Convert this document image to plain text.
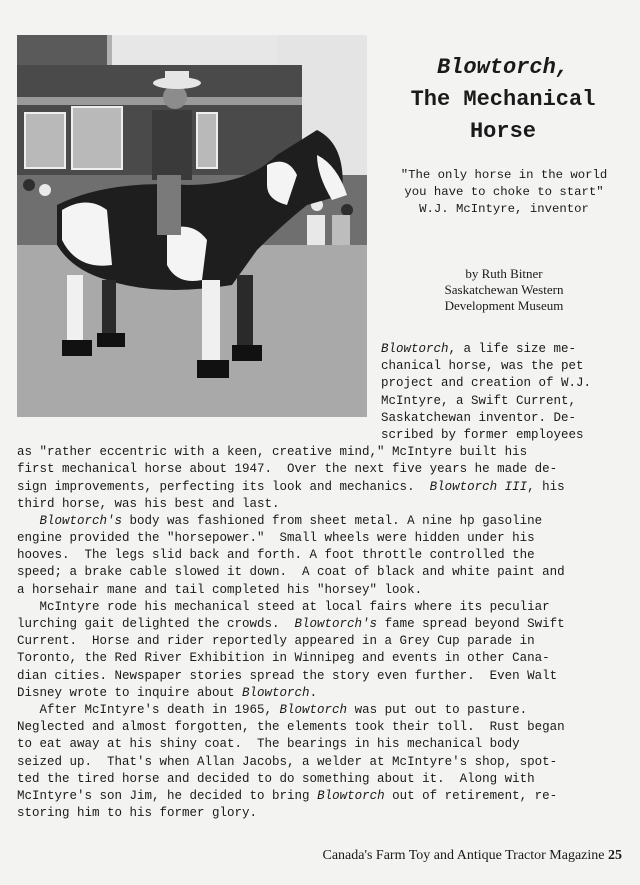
Blowtorch,
The Mechanical
Horse
"The only horse in the world
you have to choke to start"
W.J. McIntyre, inventor
by Ruth Bitner
Saskatchewan Western
Development Museum
Blowtorch, a life size me-
chanical horse, was the pet
project and creation of W.J.
McIntyre, a Swift Current,
Saskatchewan inventor. De-
scribed by former employees
as "rather eccentric with a keen, creative mind," McIntyre built his
first mechanical horse about 1947.  Over the next five years he made de-
sign improvements, perfecting its look and mechanics.  Blowtorch III, his
third horse, was his best and last.
Blowtorch's body was fashioned from sheet metal. A nine hp gasoline
engine provided the "horsepower."  Small wheels were hidden under his
hooves.  The legs slid back and forth. A foot throttle controlled the
speed; a brake cable slowed it down.  A coat of black and white paint and
a horsehair mane and tail completed his "horsey" look.
McIntyre rode his mechanical steed at local fairs where its peculiar
lurching gait delighted the crowds.  Blowtorch's fame spread beyond Swift
Current.  Horse and rider reportedly appeared in a Grey Cup parade in
Toronto, the Red River Exhibition in Winnipeg and events in other Cana-
dian cities. Newspaper stories spread the story even further.  Even Walt
Disney wrote to inquire about Blowtorch.
After McIntyre's death in 1965, Blowtorch was put out to pasture.
Neglected and almost forgotten, the elements took their toll.  Rust began
to eat away at his shiny coat.  The bearings in his mechanical body
seized up.  That's when Allan Jacobs, a welder at McIntyre's shop, spot-
ted the tired horse and decided to do something about it.  Along with
McIntyre's son Jim, he decided to bring Blowtorch out of retirement, re-
storing him to his former glory.
Canada's Farm Toy and Antique Tractor Magazine 25
